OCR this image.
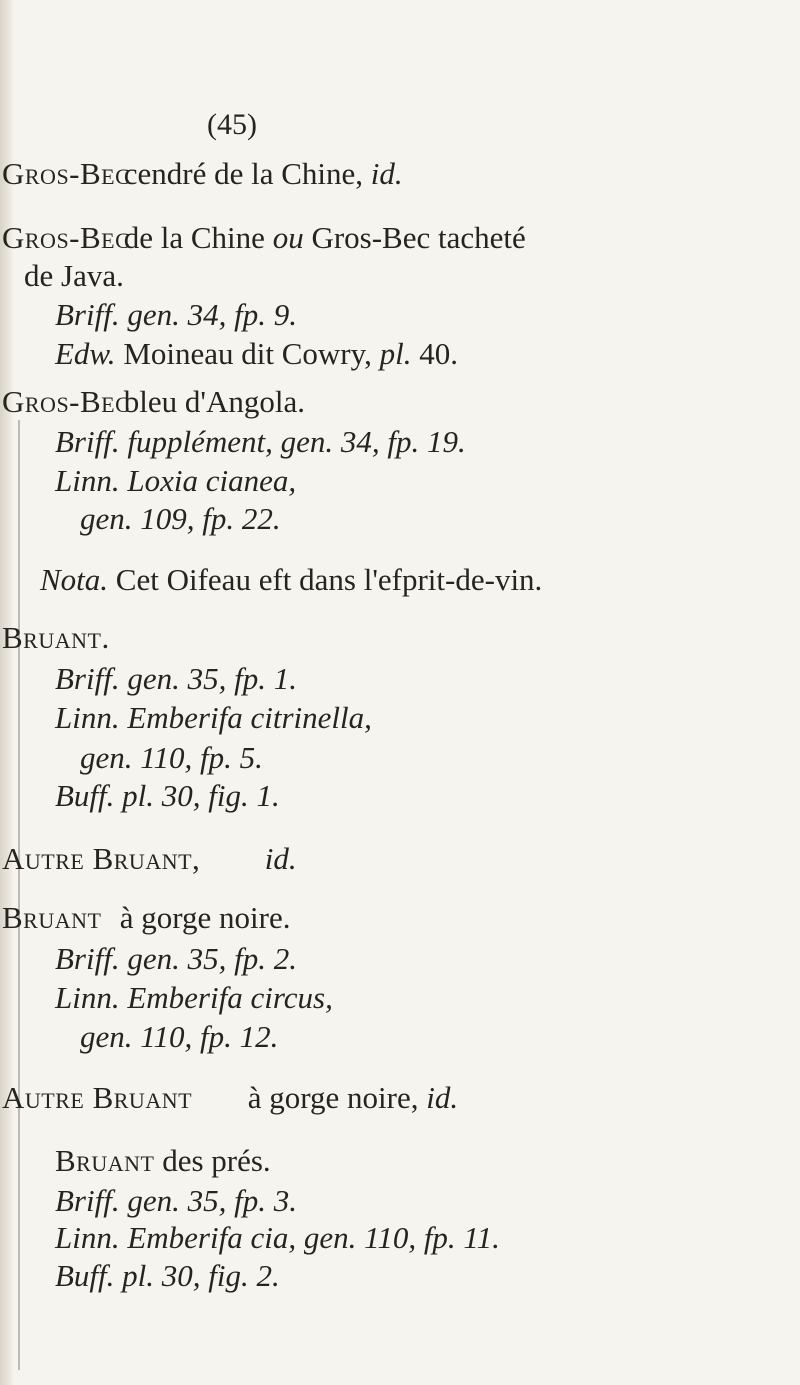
(45)
Gros-Bec cendré de la Chine, id.
Gros-Bec de la Chine ou Gros-Bec tacheté
de Java.
Briff. gen. 34, fp. 9.
Edw. Moineau dit Cowry, pl. 40.
Gros-Bec bleu d'Angola.
Briff. fupplément, gen. 34, fp. 19.
Linn. Loxia cianea,
gen. 109, fp. 22.
Nota. Cet Oifeau eft dans l'efprit-de-vin.
Bruant.
Briff. gen. 35, fp. 1.
Linn. Emberifa citrinella,
gen. 110, fp. 5.
Buff. pl. 30, fig. 1.
Autre Bruant, id.
Bruant à gorge noire.
Briff. gen. 35, fp. 2.
Linn. Emberifa circus,
gen. 110, fp. 12.
Autre Bruant à gorge noire, id.
Bruant des prés.
Briff. gen. 35, fp. 3.
Linn. Emberifa cia, gen. 110, fp. 11.
Buff. pl. 30, fig. 2.
